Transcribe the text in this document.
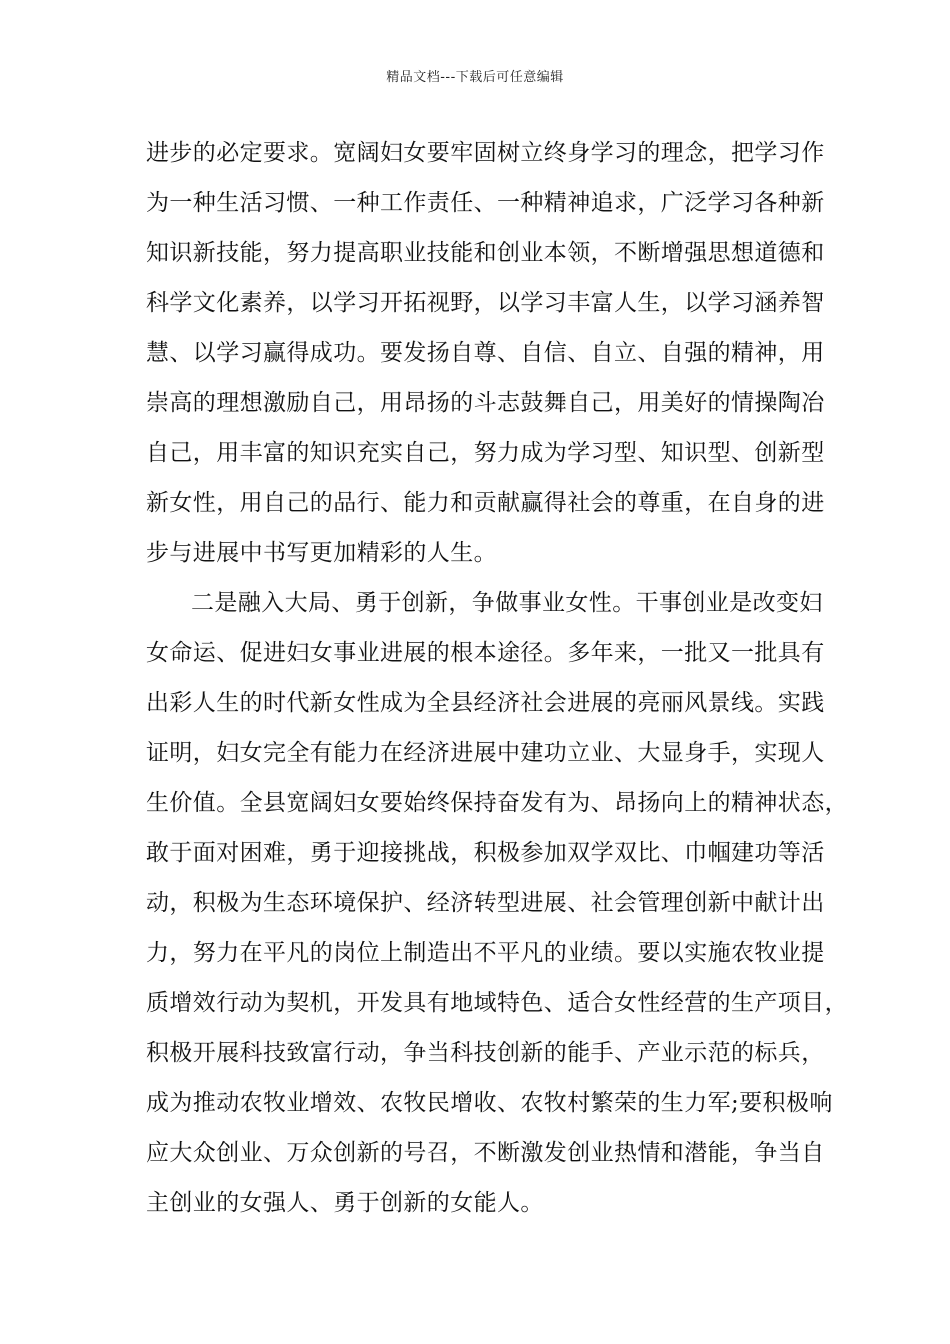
精品文档---下载后可任意编辑
进步的必定要求。宽阔妇女要牢固树立终身学习的理念，把学习作
为一种生活习惯、一种工作责任、一种精神追求，广泛学习各种新
知识新技能，努力提高职业技能和创业本领，不断增强思想道德和
科学文化素养，以学习开拓视野，以学习丰富人生，以学习涵养智
慧、以学习赢得成功。要发扬自尊、自信、自立、自强的精神，用
崇高的理想激励自己，用昂扬的斗志鼓舞自己，用美好的情操陶冶
自己，用丰富的知识充实自己，努力成为学习型、知识型、创新型
新女性，用自己的品行、能力和贡献赢得社会的尊重，在自身的进
步与进展中书写更加精彩的人生。
二是融入大局、勇于创新，争做事业女性。干事创业是改变妇
女命运、促进妇女事业进展的根本途径。多年来，一批又一批具有
出彩人生的时代新女性成为全县经济社会进展的亮丽风景线。实践
证明，妇女完全有能力在经济进展中建功立业、大显身手，实现人
生价值。全县宽阔妇女要始终保持奋发有为、昂扬向上的精神状态，
敢于面对困难，勇于迎接挑战，积极参加双学双比、巾帼建功等活
动，积极为生态环境保护、经济转型进展、社会管理创新中献计出
力，努力在平凡的岗位上制造出不平凡的业绩。要以实施农牧业提
质增效行动为契机，开发具有地域特色、适合女性经营的生产项目，
积极开展科技致富行动，争当科技创新的能手、产业示范的标兵，
成为推动农牧业增效、农牧民增收、农牧村繁荣的生力军;要积极响
应大众创业、万众创新的号召，不断激发创业热情和潜能，争当自
主创业的女强人、勇于创新的女能人。
